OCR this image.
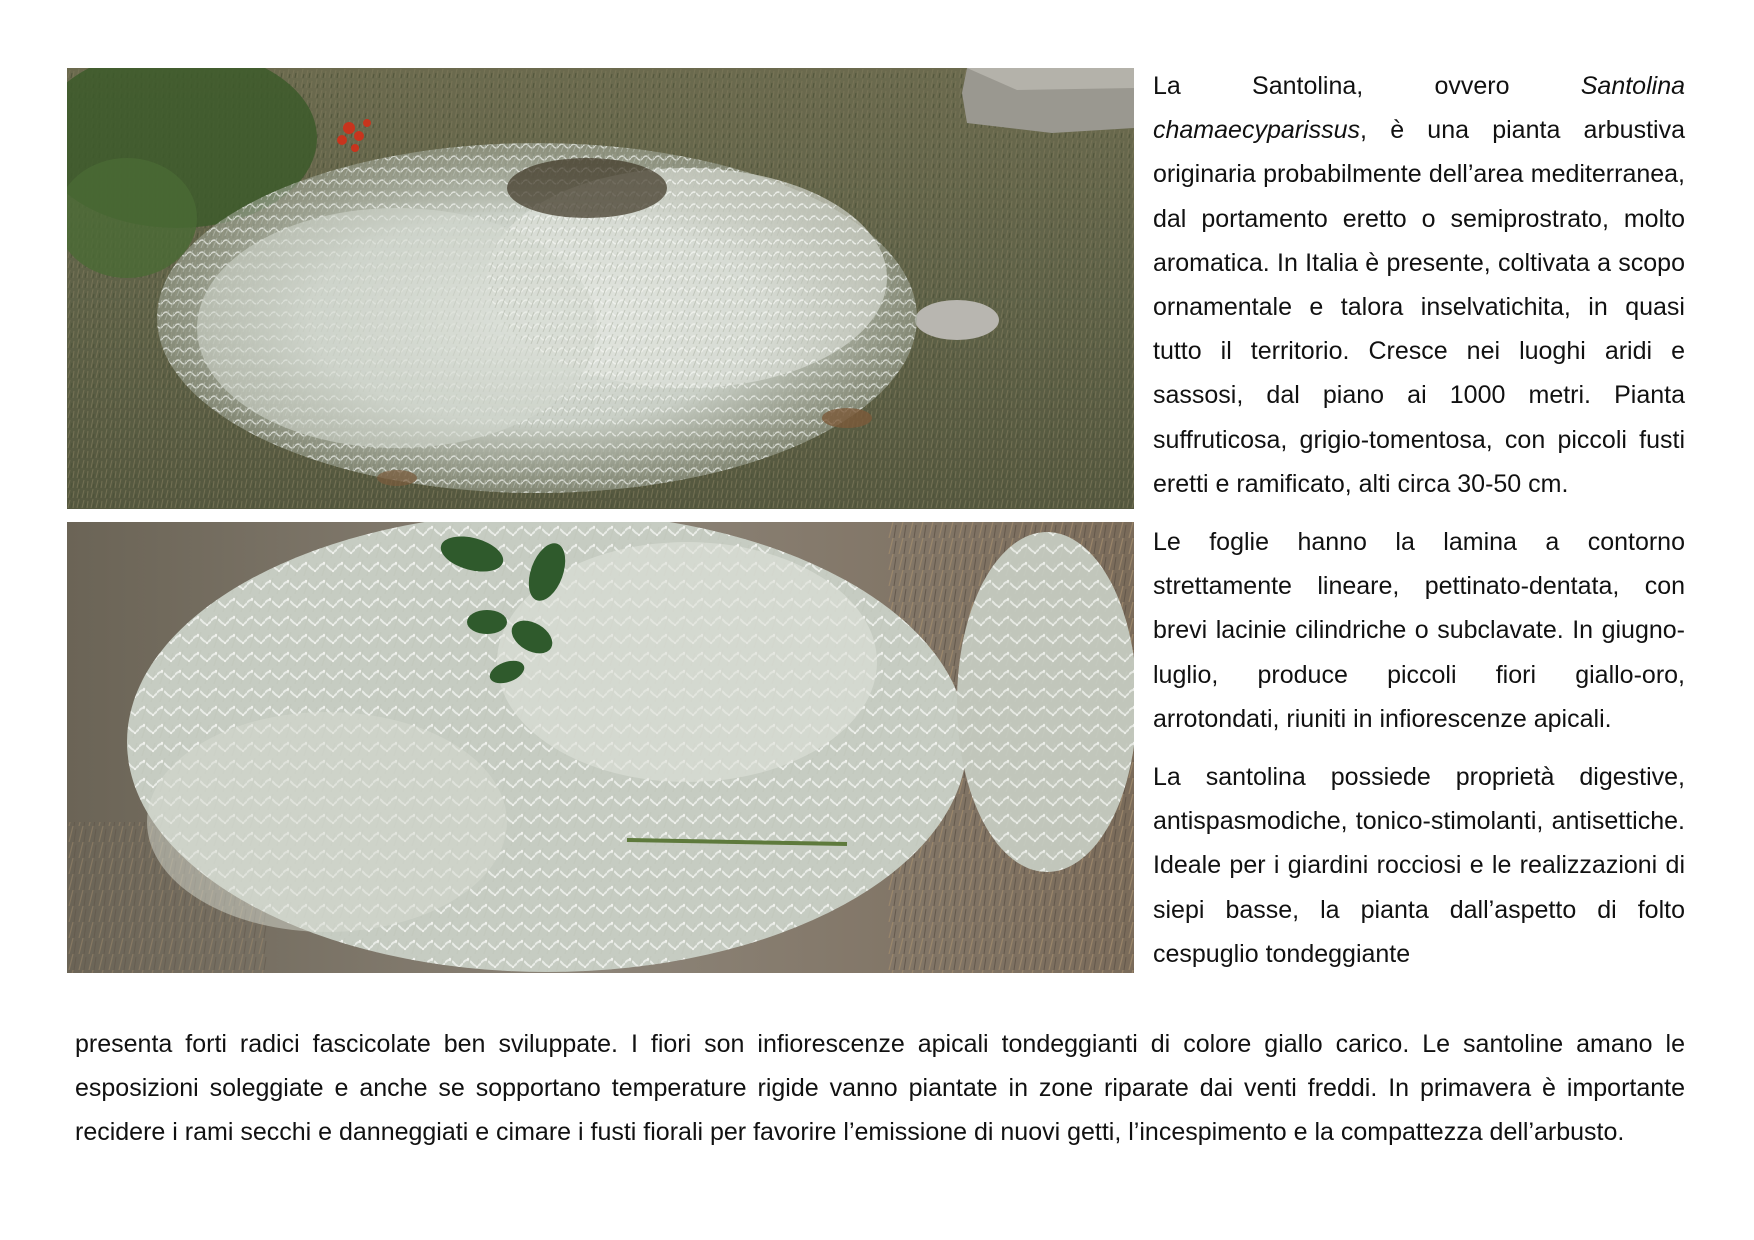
La Santolina, ovvero Santolina chamaecyparissus, è una pianta arbustiva originaria probabilmente dell’area mediterranea, dal portamento eretto o semiprostrato, molto aromatica. In Italia è presente, coltivata a scopo ornamentale e talora inselvatichita, in quasi tutto il territorio. Cresce nei luoghi aridi e sassosi, dal piano ai 1000 metri. Pianta suffruticosa, grigio-tomentosa, con piccoli fusti eretti e ramificato, alti circa 30-50 cm.

Le foglie hanno la lamina a contorno strettamente lineare, pettinato-dentata, con brevi lacinie cilindriche o subclavate. In giugno-luglio, produce piccoli fiori giallo-oro, arrotondati, riuniti in infiorescenze apicali.

La santolina possiede proprietà digestive, antispasmodiche, tonico-stimolanti, antisettiche. Ideale per i giardini rocciosi e le realizzazioni di siepi basse, la pianta dall’aspetto di folto cespuglio tondeggiante

presenta forti radici fascicolate ben sviluppate. I fiori son infiorescenze apicali tondeggianti di colore giallo carico. Le santoline amano le esposizioni soleggiate e anche se sopportano temperature rigide vanno piantate in zone riparate dai venti freddi. In primavera è importante recidere i rami secchi e danneggiati e cimare i fusti fiorali per favorire l’emissione di nuovi getti, l’incespimento e la compattezza dell’arbusto.
